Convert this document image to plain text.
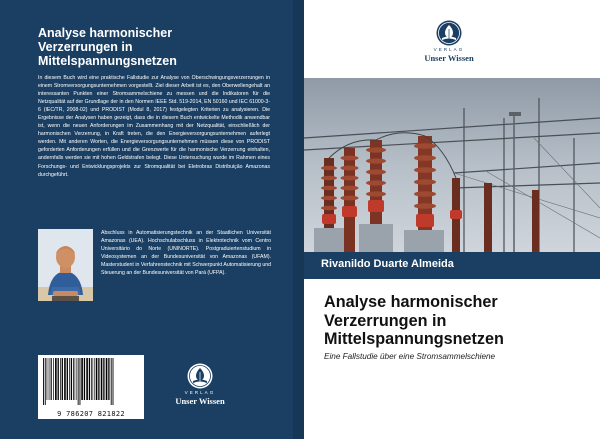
Analyse harmonischer
Verzerrungen in
Mittelspannungsnetzen
In diesem Buch wird eine praktische Fallstudie zur Analyse von Oberschwingungsverzerrungen in einem Stromversorgungsunternehmen vorgestellt. Ziel dieser Arbeit ist es, den Oberwellengehalt an interessanten Punkten einer Stromsammelschiene zu messen und die Indikatoren für die Netzqualität auf der Grundlage der in den Normen IEEE Std. 519-2014, EN 50160 und IEC 61000-3-6 (IEC/TR, 2008-02) und PRODIST (Modul 8, 2017) festgelegten Kriterien zu analysieren. Die Ergebnisse der Analysen haben gezeigt, dass die in diesem Buch entwickelte Methodik anwendbar ist, wenn die neuen Anforderungen im Zusammenhang mit der Netzqualität, einschließlich der harmonischen Verzerrung, in Kraft treten, die den Energieversorgungsunternehmen auferlegt werden. Mit anderen Worten, die Energieversorgungsunternehmen müssen diese von PRODIST geforderten Anforderungen erfüllen und die Grenzwerte für die harmonische Verzerrung einhalten, andernfalls werden sie mit hohen Geldstrafen belegt. Diese Untersuchung wurde im Rahmen eines Forschungs- und Entwicklungsprojekts zur Stromqualität bei Eletrobras Distribuição Amazonas durchgeführt.
Abschluss in Automatisierungstechnik an der Staatlichen Universität Amazonas (UEA). Hochschulabschluss in Elektrotechnik vom Centro Universitário do Norte (UNINORTE). Postgraduiertenstudium in Videosystemen an der Bundesuniversität von Amazonas (UFAM). Masterstudent in Verfahrenstechnik mit Schwerpunkt Automatisierung und Steuerung an der Bundesuniversität von Pará (UFPA).
9 786207 821822
VERLAG
Unser Wissen
VERLAG
Unser Wissen
Rivanildo Duarte Almeida
Analyse harmonischer
Verzerrungen in
Mittelspannungsnetzen
Eine Fallstudie über eine Stromsammelschiene
